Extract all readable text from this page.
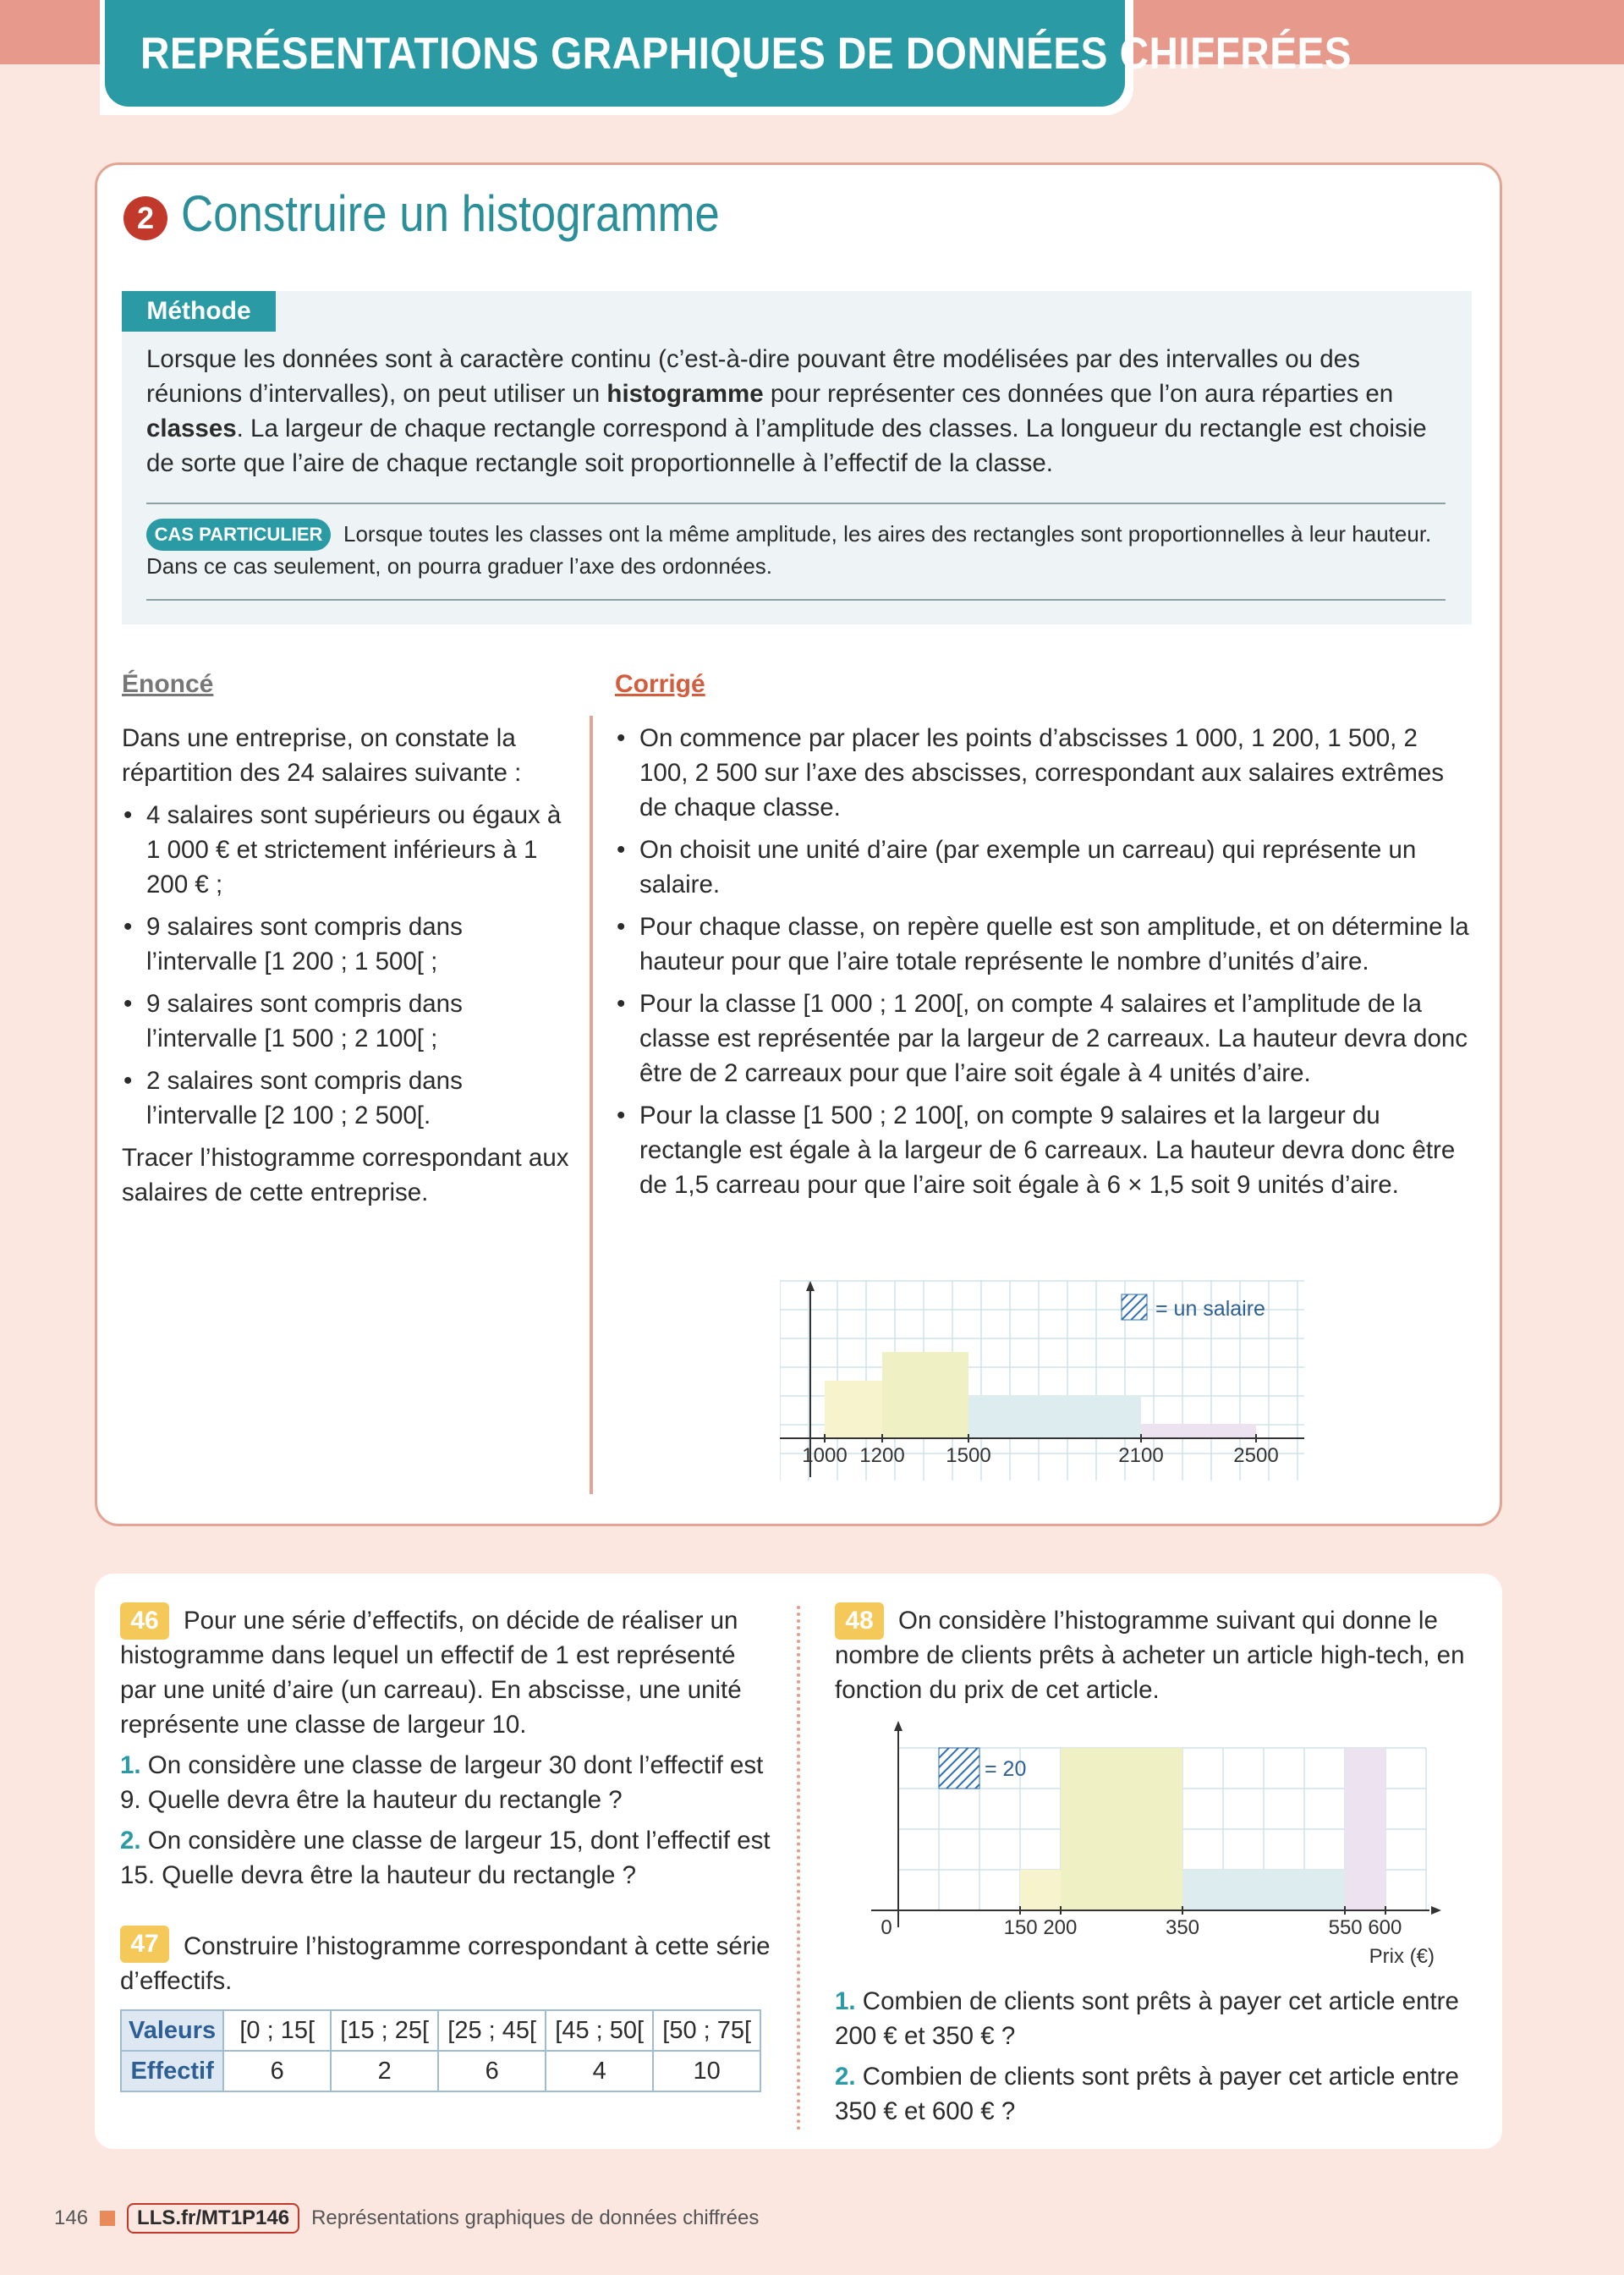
REPRÉSENTATIONS GRAPHIQUES DE DONNÉES CHIFFRÉES
2 Construire un histogramme
Méthode
Lorsque les données sont à caractère continu (c’est-à-dire pouvant être modélisées par des intervalles ou des réunions d’intervalles), on peut utiliser un histogramme pour représenter ces données que l’on aura réparties en classes. La largeur de chaque rectangle correspond à l’amplitude des classes. La longueur du rectangle est choisie de sorte que l’aire de chaque rectangle soit proportionnelle à l’effectif de la classe.
Lorsque toutes les classes ont la même amplitude, les aires des rectangles sont proportionnelles à leur hauteur. Dans ce cas seulement, on pourra graduer l’axe des ordonnées.
CAS PARTICULIER
Énoncé	Corrigé

Dans une entreprise, on constate la répartition des 24 salaires suivante :

• 4 salaires sont supérieurs ou égaux à 1 000 € et strictement inférieurs à 1 200 € ;
• 9 salaires sont compris dans l’intervalle [1 200 ; 1 500[ ;
• 9 salaires sont compris dans l’intervalle [1 500 ; 2 100[ ;
• 2 salaires sont compris dans l’intervalle [2 100 ; 2 500[.

Tracer l’histogramme correspondant aux salaires de cette entreprise.

• On commence par placer les points d’abscisses 1 000, 1 200, 1 500, 2 100, 2 500 sur l’axe des abscisses, correspondant aux salaires extrêmes de chaque classe.
• On choisit une unité d’aire (par exemple un carreau) qui représente un salaire.
• Pour chaque classe, on repère quelle est son amplitude, et on détermine la hauteur pour que l’aire totale représente le nombre d’unités d’aire.
• Pour la classe [1 000 ; 1 200[, on compte 4 salaires et l’amplitude de la classe est représentée par la largeur de 2 carreaux. La hauteur devra donc être de 2 carreaux pour que l’aire soit égale à 4 unités d’aire.
• Pour la classe [1 500 ; 2 100[, on compte 9 salaires et la largeur du rectangle est égale à la largeur de 6 carreaux. La hauteur devra donc être de 1,5 carreau pour que l’aire soit égale à 6 × 1,5 soit 9 unités d’aire.
1000 1200 1500	2100	2500
= un salaire
46 Pour une série d’effectifs, on décide de réaliser un histogramme dans lequel un effectif de 1 est représenté par une unité d’aire (un carreau). En abscisse, une unité représente une classe de largeur 10.

1. On considère une classe de largeur 30 dont l’effectif est 9. Quelle devra être la hauteur du rectangle ?

2. On considère une classe de largeur 15, dont l’effectif est 15. Quelle devra être la hauteur du rectangle ?

47 Construire l’histogramme correspondant à cette série d’effectifs.
Valeurs	[0 ; 15[	[15 ; 25[	[25 ; 45[	[45 ; 50[	[50 ; 75[
Effectif	6	2	6	4	10
48 On considère l’histogramme suivant qui donne le nombre de clients prêts à acheter un article high-tech, en fonction du prix de cet article.
0	150 200	350	550 600
Prix (€)
= 20

1. Combien de clients sont prêts à payer cet article entre 200 € et 350 € ?

2. Combien de clients sont prêts à payer cet article entre 350 € et 600 € ?

146	LLS.fr/MT1P146	Représentations graphiques de données chiffrées
